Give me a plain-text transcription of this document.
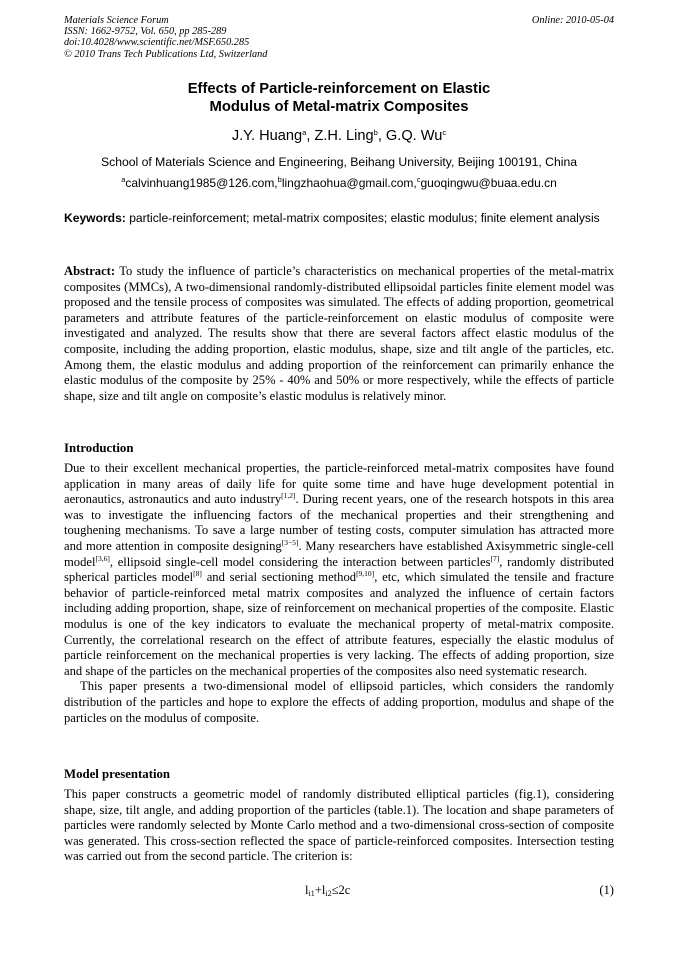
Materials Science Forum
ISSN: 1662-9752, Vol. 650, pp 285-289
doi:10.4028/www.scientific.net/MSF.650.285
© 2010 Trans Tech Publications Ltd, Switzerland
Online: 2010-05-04
Effects of Particle-reinforcement on Elastic
Modulus of Metal-matrix Composites
J.Y. Huang$^a$, Z.H. Ling$^b$, G.Q. Wu$^c$
School of Materials Science and Engineering, Beihang University, Beijing 100191, China
$^a$calvinhuang1985@126.com,$^b$lingzhaohua@gmail.com,$^c$guoqingwu@buaa.edu.cn
Keywords: particle-reinforcement; metal-matrix composites; elastic modulus; finite element analysis
Abstract: To study the influence of particle’s characteristics on mechanical properties of the metal-matrix composites (MMCs), A two-dimensional randomly-distributed ellipsoidal particles finite element model was proposed and the tensile process of composites was simulated. The effects of adding proportion, geometrical parameters and attribute features of the particle-reinforcement on elastic modulus of composite were investigated and analyzed. The results show that there are several factors affect elastic modulus of the composite, including the adding proportion, elastic modulus, shape, size and tilt angle of the particles, etc. Among them, the elastic modulus and adding proportion of the reinforcement can primarily enhance the elastic modulus of the composite by 25% - 40% and 50% or more respectively, while the effects of particle shape, size and tilt angle on composite’s elastic modulus is relatively minor.
Introduction

Due to their excellent mechanical properties, the particle-reinforced metal-matrix composites have found application in many areas of daily life for quite some time and have huge development potential in aeronautics, astronautics and auto industry[1,2]. During recent years, one of the research hotspots in this area was to investigate the influencing factors of the mechanical properties and their strengthening and toughening mechanisms. To save a large number of testing costs, computer simulation has attracted more and more attention in composite designing[3−5]. Many researchers have established Axisymmetric single-cell model[3,6], ellipsoid single-cell model considering the interaction between particles[7], randomly distributed spherical particles model[8] and serial sectioning method[9,10], etc, which simulated the tensile and fracture behavior of particle-reinforced metal matrix composites and analyzed the influence of certain factors including adding proportion, shape, size of reinforcement on mechanical properties of the composite. Elastic modulus is one of the key indicators to evaluate the mechanical property of metal-matrix composite. Currently, the correlational research on the effect of attribute features, especially the elastic modulus of particle reinforcement on the mechanical properties is very lacking. The effects of adding proportion, size and shape of the particles on the mechanical properties of the composites also need systematic research.

This paper presents a two-dimensional model of ellipsoid particles, which considers the randomly distribution of the particles and hope to explore the effects of adding proportion, modulus and shape of the particles on the modulus of composite.

Model presentation
This paper constructs a geometric model of randomly distributed elliptical particles (fig.1), considering shape, size, tilt angle, and adding proportion of the particles (table.1). The location and shape parameters of particles were randomly selected by Monte Carlo method and a two-dimensional cross-section of composite was generated. This cross-section reflected the space of particle-reinforced composites. Intersection testing was carried out from the second particle. The criterion is:
$l_{i1}+l_{i2}\le 2c$	(1)
